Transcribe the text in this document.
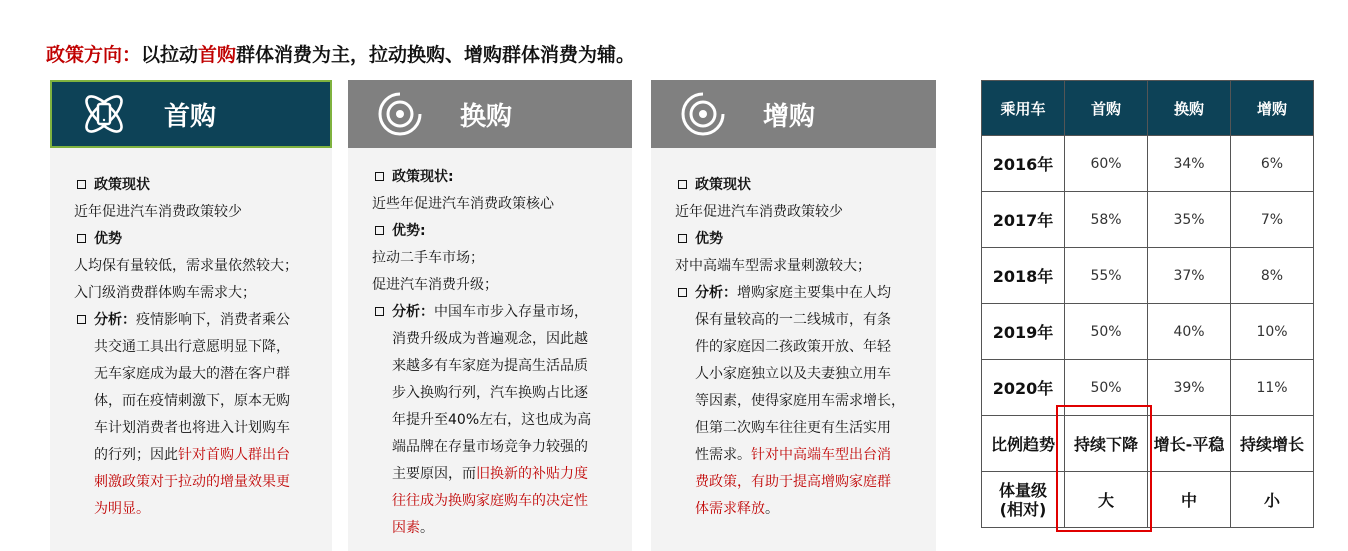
政策方向：以拉动首购群体消费为主，拉动换购、增购群体消费为辅。
首购	换购	增购
政策现状
近年促进汽车消费政策较少
优势
人均保有量较低，需求量依然较大；
入门级消费群体购车需求大；
分析： 疫情影响下，消费者乘公
共交通工具出行意愿明显下降，
无车家庭成为最大的潜在客户群
体，而在疫情刺激下，原本无购
车计划消费者也将进入计划购车
的行列；因此针对首购人群出台
刺激政策对于拉动的增量效果更
为明显。
政策现状:
近些年促进汽车消费政策核心
优势:
拉动二手车市场；
促进汽车消费升级；
分析： 中国车市步入存量市场，
消费升级成为普遍观念，因此越
来越多有车家庭为提高生活品质
步入换购行列，汽车换购占比逐
年提升至40%左右，这也成为高
端品牌在存量市场竞争力较强的
主要原因，而旧换新的补贴力度
往往成为换购家庭购车的决定性
因素。
政策现状
近年促进汽车消费政策较少
优势
对中高端车型需求量刺激较大；
分析： 增购家庭主要集中在人均
保有量较高的一二线城市，有条
件的家庭因二孩政策开放、年轻
人小家庭独立以及夫妻独立用车
等因素，使得家庭用车需求增长，
但第二次购车往往更有生活实用
性需求。针对中高端车型出台消
费政策，有助于提高增购家庭群
体需求释放。
乘用车	首购	换购	增购
2016年	60%	34%	6%
2017年	58%	35%	7%
2018年	55%	37%	8%
2019年	50%	40%	10%
2020年	50%	39%	11%
比例趋势	持续下降	增长-平稳	持续增长
体量级
(相对)	大	中	小
